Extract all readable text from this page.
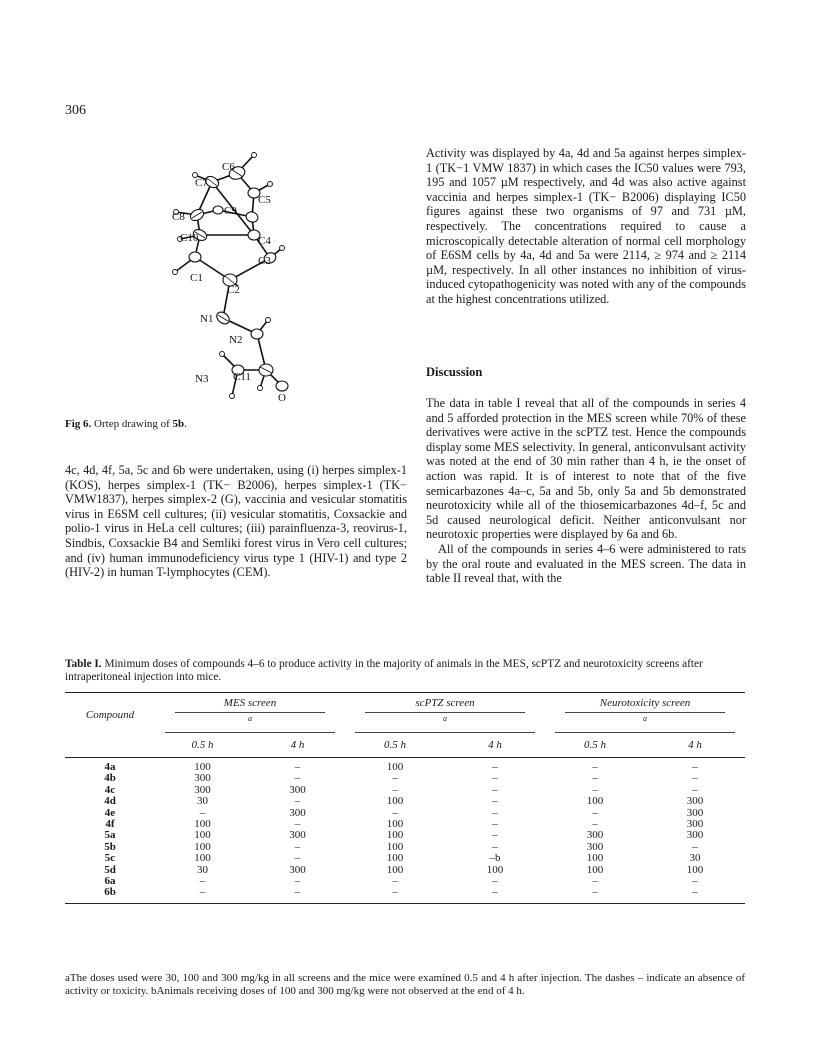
306
C6
C7
C5
C8	C9
C10	C4
C3
C1
C2
N1
N2
N3 C11
O
Fig 6. Ortep drawing of 5b.

4c, 4d, 4f, 5a, 5c and 6b were undertaken, using (i) herpes simplex-1 (KOS), herpes simplex-1 (TK− B2006), herpes simplex-1 (TK− VMW1837), herpes simplex-2 (G), vaccinia and vesicular stomatitis virus in E6SM cell cultures; (ii) vesicular stomatitis, Coxsackie and polio-1 virus in HeLa cell cultures; (iii) parainfluenza-3, reovirus-1, Sindbis, Coxsackie B4 and Semliki forest virus in Vero cell cultures; and (iv) human immunodeficiency virus type 1 (HIV-1) and type 2 (HIV-2) in human T-lymphocytes (CEM).

Activity was displayed by 4a, 4d and 5a against herpes simplex-1 (TK−1 VMW 1837) in which cases the IC50 values were 793, 195 and 1057 µM respectively, and 4d was also active against vaccinia and herpes simplex-1 (TK− B2006) displaying IC50 figures against these two organisms of 97 and 731 µM, respectively. The concentrations required to cause a microscopically detectable alteration of normal cell morphology of E6SM cells by 4a, 4d and 5a were 2114, ≥ 974 and ≥ 2114 µM, respectively. In all other instances no inhibition of virus-induced cytopathogenicity was noted with any of the compounds at the highest concentrations utilized.

Discussion

The data in table I reveal that all of the compounds in series 4 and 5 afforded protection in the MES screen while 70% of these derivatives were active in the scPTZ test. Hence the compounds display some MES selectivity. In general, anticonvulsant activity was noted at the end of 30 min rather than 4 h, ie the onset of action was rapid. It is of interest to note that of the five semicarbazones 4a–c, 5a and 5b, only 5a and 5b demonstrated neurotoxicity while all of the thiosemicarbazones 4d–f, 5c and 5d caused neurological deficit. Neither anticonvulsant nor neurotoxic properties were displayed by 6a and 6b.

All of the compounds in series 4–6 were administered to rats by the oral route and evaluated in the MES screen. The data in table II reveal that, with the

Table I. Minimum doses of compounds 4–6 to produce activity in the majority of animals in the MES, scPTZ and neurotoxicity screens after intraperitoneal injection into mice.
Compound	MES screen
$^a$		scPTZ screen
$^a$		Neurotoxicity screen
$^a$

	0.5 h	4 h	0.5 h	4 h	0.5 h	4 h
4a	100	–	100	–	–	–
4b	300	–	–	–	–	–
4c	300	300	–	–	–	–
4d	30	–	100	–	100	300
4e	–	300	–	–	–	300
4f	100	–	100	–	–	300
5a	100	300	100	–	300	300
5b	100	–	100	–	300	–
5c	100	–	100	–b	100	30
5d	30	300	100	100	100	100
6a	–	–	–	–	–	–
6b	–	–	–	–	–	–
aThe doses used were 30, 100 and 300 mg/kg in all screens and the mice were examined 0.5 and 4 h after injection. The dashes – indicate an absence of activity or toxicity. bAnimals receiving doses of 100 and 300 mg/kg were not observed at the end of 4 h.
